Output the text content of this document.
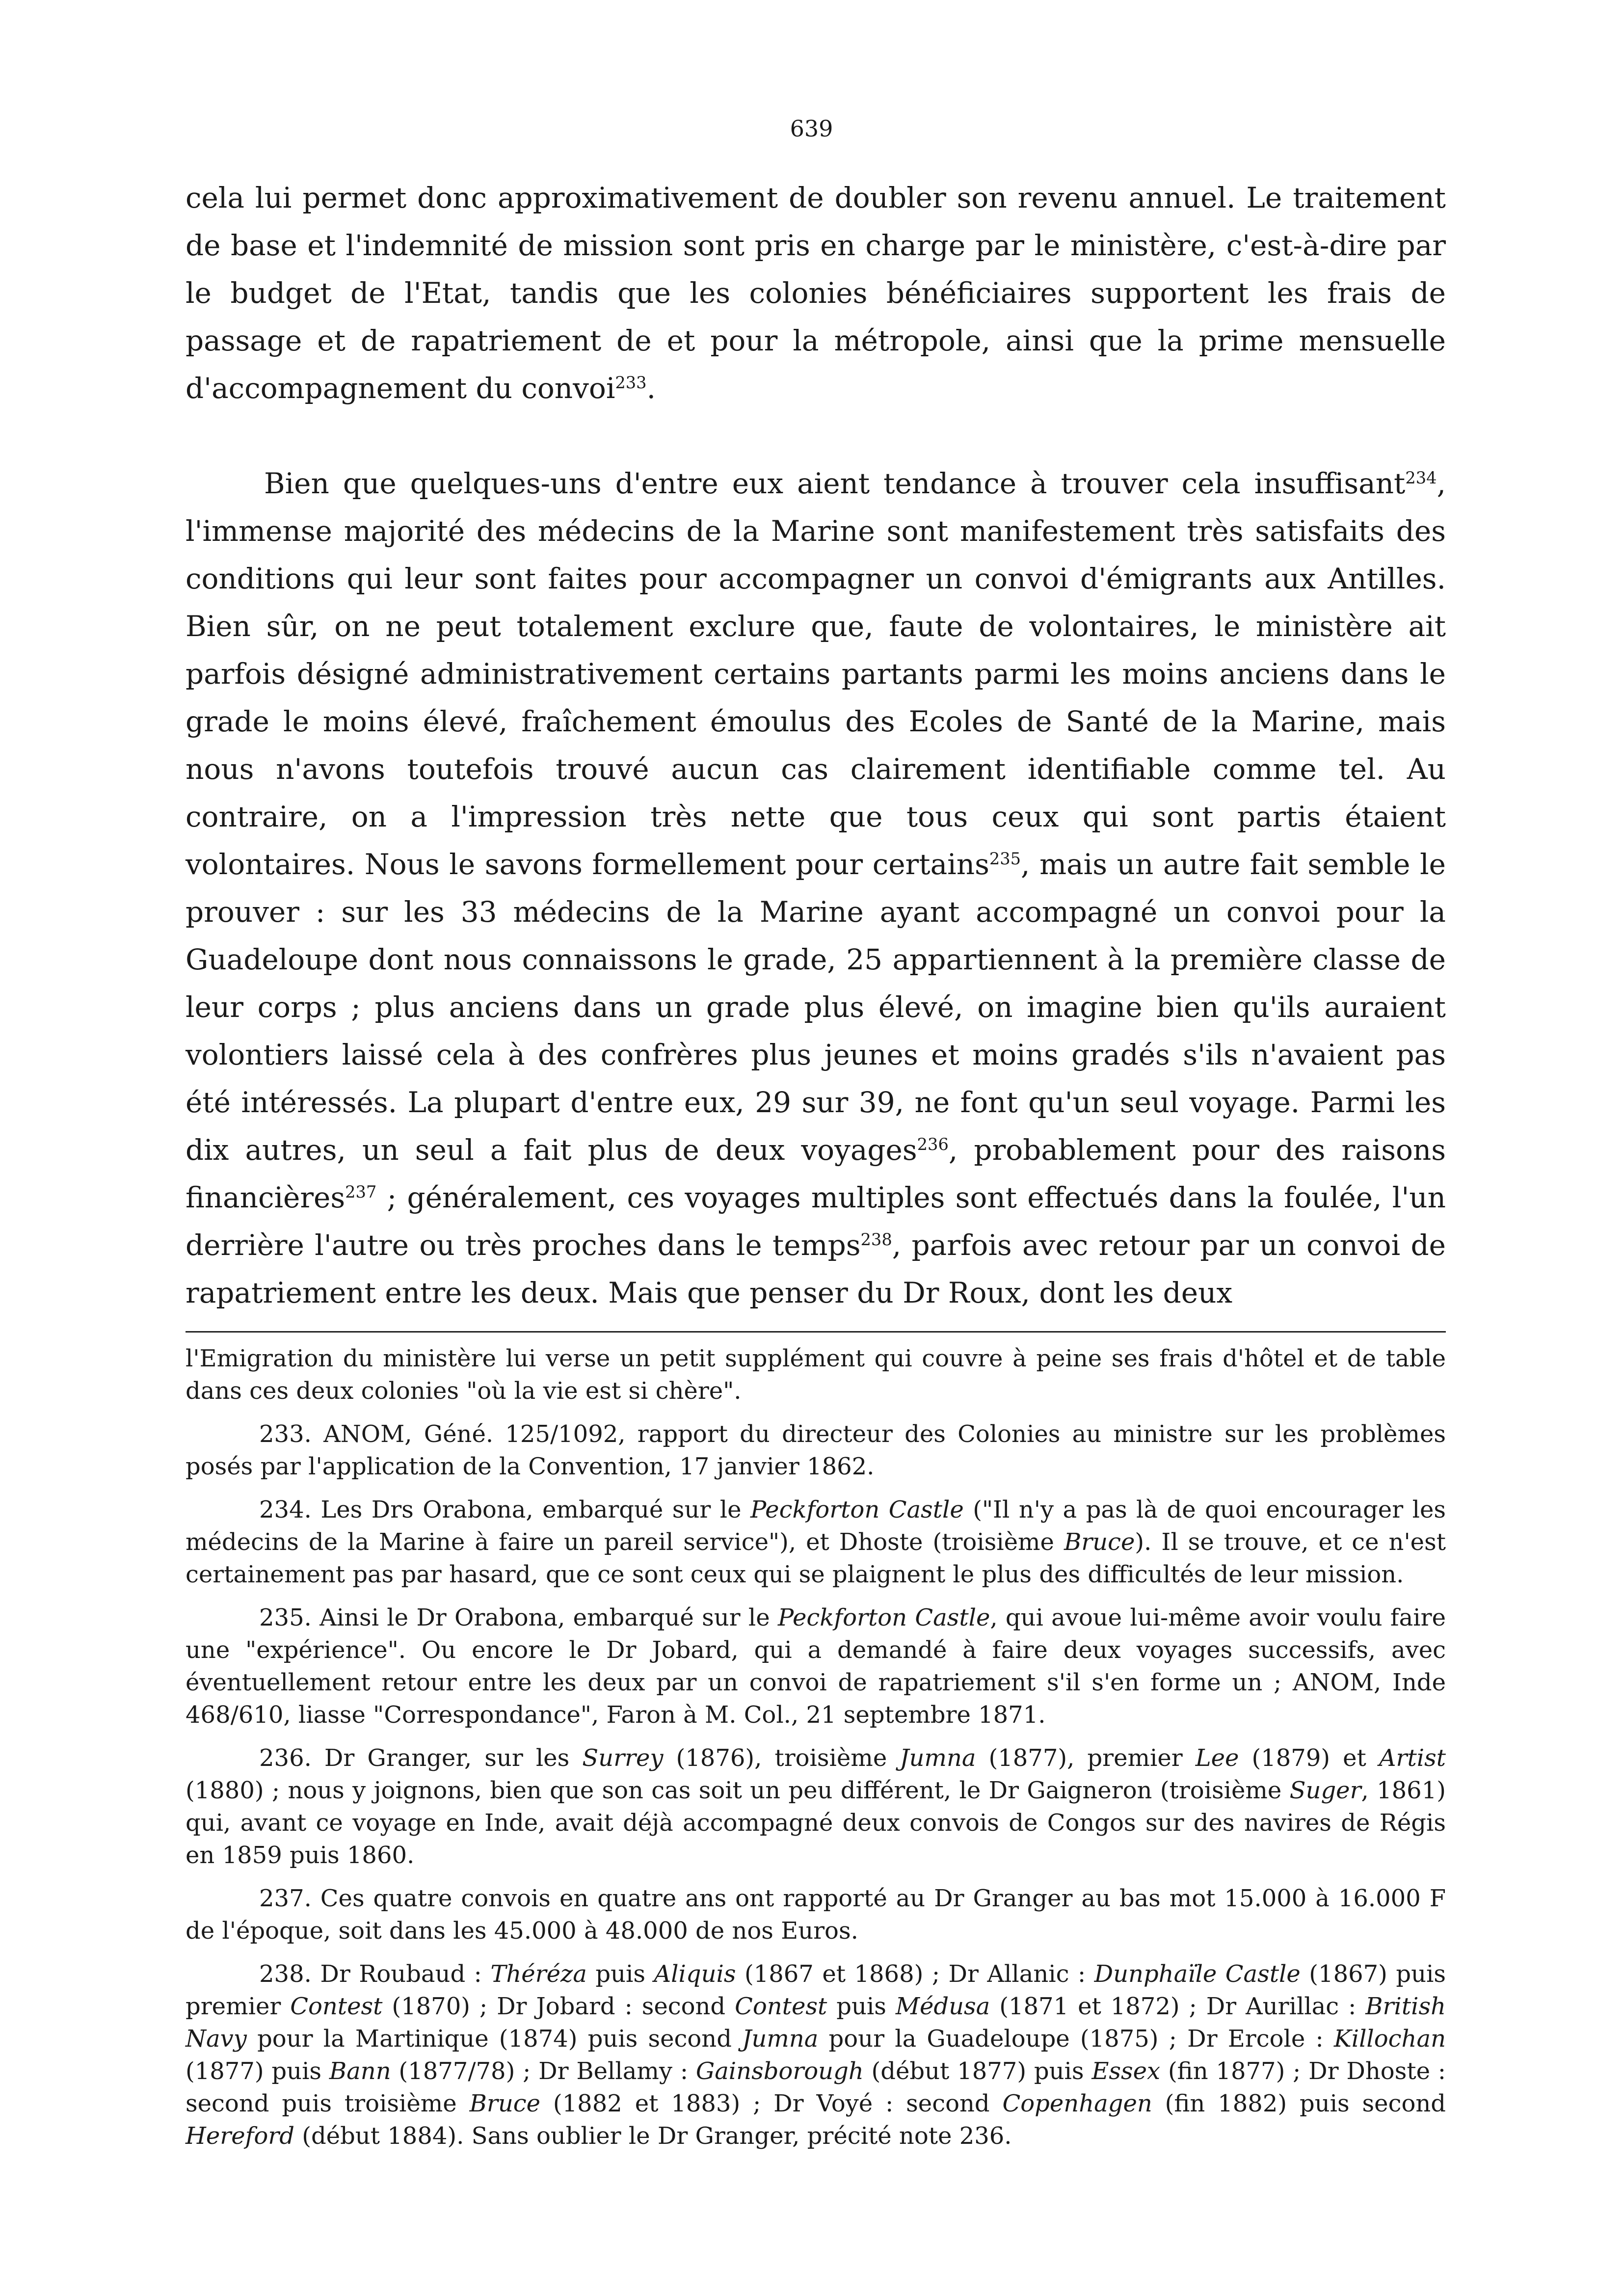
639

cela lui permet donc approximativement de doubler son revenu annuel. Le traitement de base et l'indemnité de mission sont pris en charge par le ministère, c'est-à-dire par le budget de l'Etat, tandis que les colonies bénéficiaires supportent les frais de passage et de rapatriement de et pour la métropole, ainsi que la prime mensuelle d'accompagnement du convoi$^{233}$.

Bien que quelques-uns d'entre eux aient tendance à trouver cela insuffisant$^{234}$, l'immense majorité des médecins de la Marine sont manifestement très satisfaits des conditions qui leur sont faites pour accompagner un convoi d'émigrants aux Antilles. Bien sûr, on ne peut totalement exclure que, faute de volontaires, le ministère ait parfois désigné administrativement certains partants parmi les moins anciens dans le grade le moins élevé, fraîchement émoulus des Ecoles de Santé de la Marine, mais nous n'avons toutefois trouvé aucun cas clairement identifiable comme tel. Au contraire, on a l'impression très nette que tous ceux qui sont partis étaient volontaires. Nous le savons formellement pour certains$^{235}$, mais un autre fait semble le prouver : sur les 33 médecins de la Marine ayant accompagné un convoi pour la Guadeloupe dont nous connaissons le grade, 25 appartiennent à la première classe de leur corps ; plus anciens dans un grade plus élevé, on imagine bien qu'ils auraient volontiers laissé cela à des confrères plus jeunes et moins gradés s'ils n'avaient pas été intéressés. La plupart d'entre eux, 29 sur 39, ne font qu'un seul voyage. Parmi les dix autres, un seul a fait plus de deux voyages$^{236}$, probablement pour des raisons financières$^{237}$ ; généralement, ces voyages multiples sont effectués dans la foulée, l'un derrière l'autre ou très proches dans le temps$^{238}$, parfois avec retour par un convoi de rapatriement entre les deux. Mais que penser du Dr Roux, dont les deux

l'Emigration du ministère lui verse un petit supplément qui couvre à peine ses frais d'hôtel et de table dans ces deux colonies "où la vie est si chère".

233. ANOM, Géné. 125/1092, rapport du directeur des Colonies au ministre sur les problèmes posés par l'application de la Convention, 17 janvier 1862.

234. Les Drs Orabona, embarqué sur le Peckforton Castle ("Il n'y a pas là de quoi encourager les médecins de la Marine à faire un pareil service"), et Dhoste (troisième Bruce). Il se trouve, et ce n'est certainement pas par hasard, que ce sont ceux qui se plaignent le plus des difficultés de leur mission.

235. Ainsi le Dr Orabona, embarqué sur le Peckforton Castle, qui avoue lui-même avoir voulu faire une "expérience". Ou encore le Dr Jobard, qui a demandé à faire deux voyages successifs, avec éventuellement retour entre les deux par un convoi de rapatriement s'il s'en forme un ; ANOM, Inde 468/610, liasse "Correspondance", Faron à M. Col., 21 septembre 1871.

236. Dr Granger, sur les Surrey (1876), troisième Jumna (1877), premier Lee (1879) et Artist (1880) ; nous y joignons, bien que son cas soit un peu différent, le Dr Gaigneron (troisième Suger, 1861) qui, avant ce voyage en Inde, avait déjà accompagné deux convois de Congos sur des navires de Régis en 1859 puis 1860.

237. Ces quatre convois en quatre ans ont rapporté au Dr Granger au bas mot 15.000 à 16.000 F de l'époque, soit dans les 45.000 à 48.000 de nos Euros.

238. Dr Roubaud : Théréza puis Aliquis (1867 et 1868) ; Dr Allanic : Dunphaïle Castle (1867) puis premier Contest (1870) ; Dr Jobard : second Contest puis Médusa (1871 et 1872) ; Dr Aurillac : British Navy pour la Martinique (1874) puis second Jumna pour la Guadeloupe (1875) ; Dr Ercole : Killochan (1877) puis Bann (1877/78) ; Dr Bellamy : Gainsborough (début 1877) puis Essex (fin 1877) ; Dr Dhoste : second puis troisième Bruce (1882 et 1883) ; Dr Voyé : second Copenhagen (fin 1882) puis second Hereford (début 1884). Sans oublier le Dr Granger, précité note 236.
